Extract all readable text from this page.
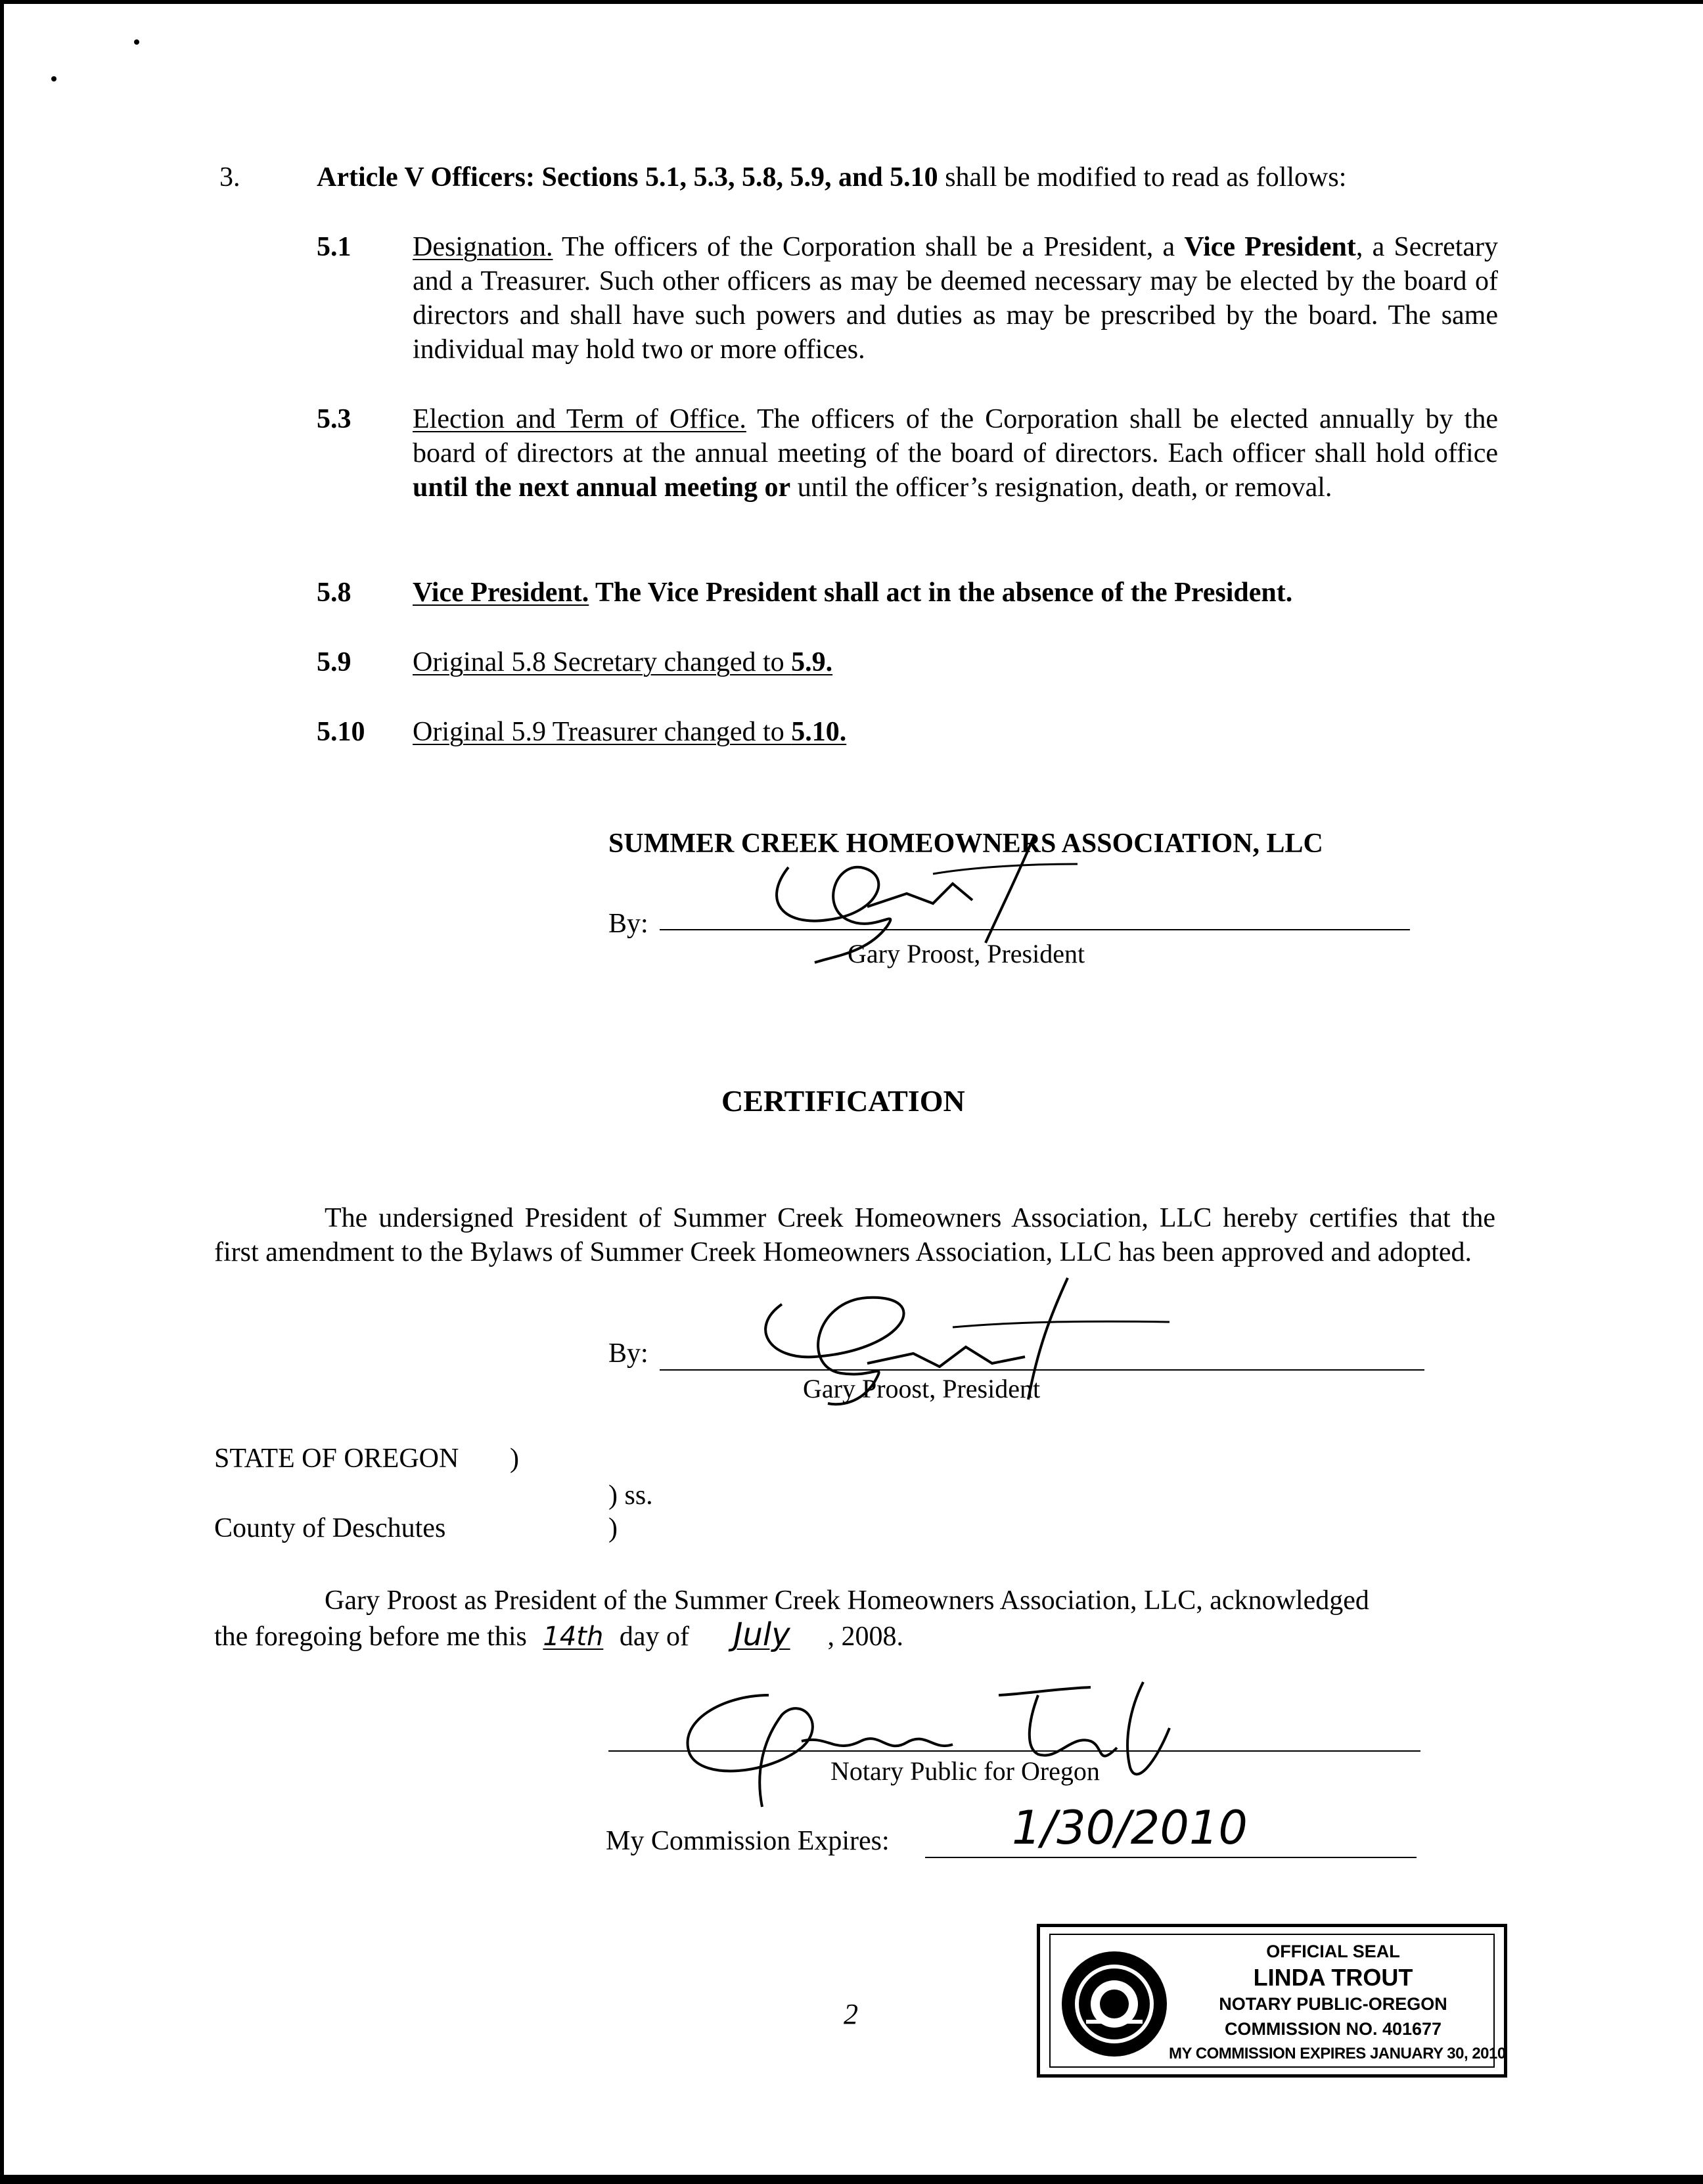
3.	Article V Officers: Sections 5.1, 5.3, 5.8, 5.9, and 5.10 shall be modified to read as follows:
5.1 Designation. The officers of the Corporation shall be a President, a Vice President, a Secretary and a Treasurer. Such other officers as may be deemed necessary may be elected by the board of directors and shall have such powers and duties as may be prescribed by the board. The same individual may hold two or more offices.
5.3 Election and Term of Office. The officers of the Corporation shall be elected annually by the board of directors at the annual meeting of the board of directors. Each officer shall hold office until the next annual meeting or until the officer’s resignation, death, or removal.
5.8 Vice President. The Vice President shall act in the absence of the President.
5.9 Original 5.8 Secretary changed to 5.9.
5.10 Original 5.9 Treasurer changed to 5.10.
SUMMER CREEK HOMEOWNERS ASSOCIATION, LLC
By:
Gary Proost, President
CERTIFICATION
The undersigned President of Summer Creek Homeowners Association, LLC hereby certifies that the first amendment to the Bylaws of Summer Creek Homeowners Association, LLC has been approved and adopted.
By:
Gary Proost, President
STATE OF OREGON )
) ss.
County of Deschutes	)
Gary Proost as President of the Summer Creek Homeowners Association, LLC, acknowledged
the foregoing before me this 14th day of July , 2008.
Notary Public for Oregon
My Commission Expires:	1/30/2010
2
OFFICIAL SEAL
LINDA TROUT
NOTARY PUBLIC-OREGON
COMMISSION NO. 401677
MY COMMISSION EXPIRES JANUARY 30, 2010
